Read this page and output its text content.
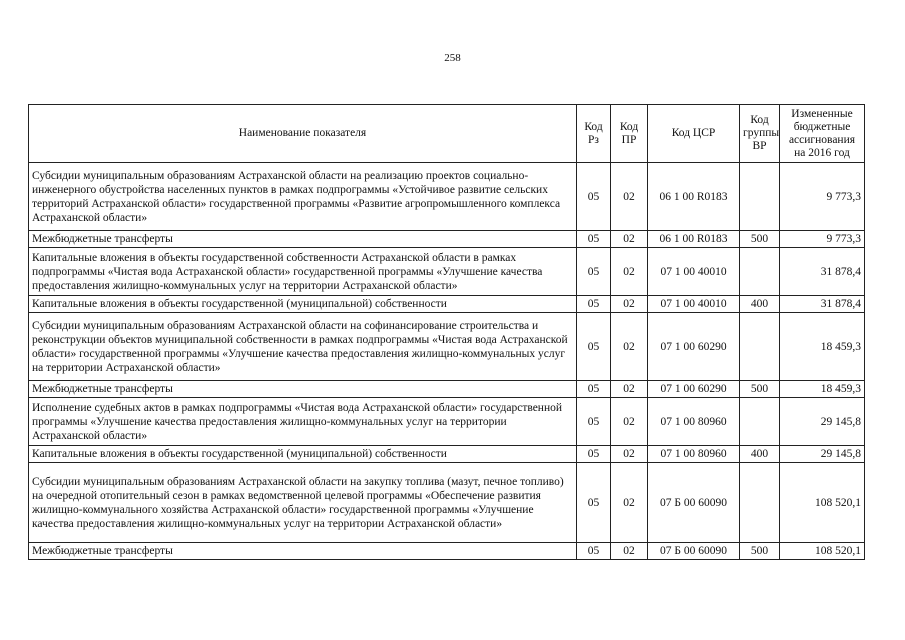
258
Наименование показателя	Код Рз	Код ПР	Код ЦСР	Код группы ВР	Измененные бюджетные ассигнования на 2016 год
Субсидии муниципальным образованиям Астраханской области на реализацию проектов социально-инженерного обустройства населенных пунктов в рамках подпрограммы «Устойчивое развитие сельских территорий Астраханской области» государственной программы «Развитие агропромышленного комплекса Астраханской области»	05	02	06 1 00 R0183		9 773,3
Межбюджетные трансферты	05	02	06 1 00 R0183	500	9 773,3
Капитальные вложения в объекты государственной собственности Астраханской области в рамках подпрограммы «Чистая вода Астраханской области» государственной программы «Улучшение качества предоставления жилищно-коммунальных услуг на территории Астраханской области»	05	02	07 1 00 40010		31 878,4
Капитальные вложения в объекты государственной (муниципальной) собственности	05	02	07 1 00 40010	400	31 878,4
Субсидии муниципальным образованиям Астраханской области на софинансирование строительства и реконструкции объектов муниципальной собственности в рамках подпрограммы «Чистая вода Астраханской области» государственной программы «Улучшение качества предоставления жилищно-коммунальных услуг на территории Астраханской области»	05	02	07 1 00 60290		18 459,3
Межбюджетные трансферты	05	02	07 1 00 60290	500	18 459,3
Исполнение судебных актов в рамках подпрограммы «Чистая вода Астраханской области» государственной программы «Улучшение качества предоставления жилищно-коммунальных услуг на территории Астраханской области»	05	02	07 1 00 80960		29 145,8
Капитальные вложения в объекты государственной (муниципальной) собственности	05	02	07 1 00 80960	400	29 145,8
Субсидии муниципальным образованиям Астраханской области на закупку топлива (мазут, печное топливо) на очередной отопительный сезон в рамках ведомственной целевой программы «Обеспечение развития жилищно-коммунального хозяйства Астраханской области» государственной программы «Улучшение качества предоставления жилищно-коммунальных услуг на территории Астраханской области»	05	02	07 Б 00 60090		108 520,1
Межбюджетные трансферты	05	02	07 Б 00 60090	500	108 520,1
